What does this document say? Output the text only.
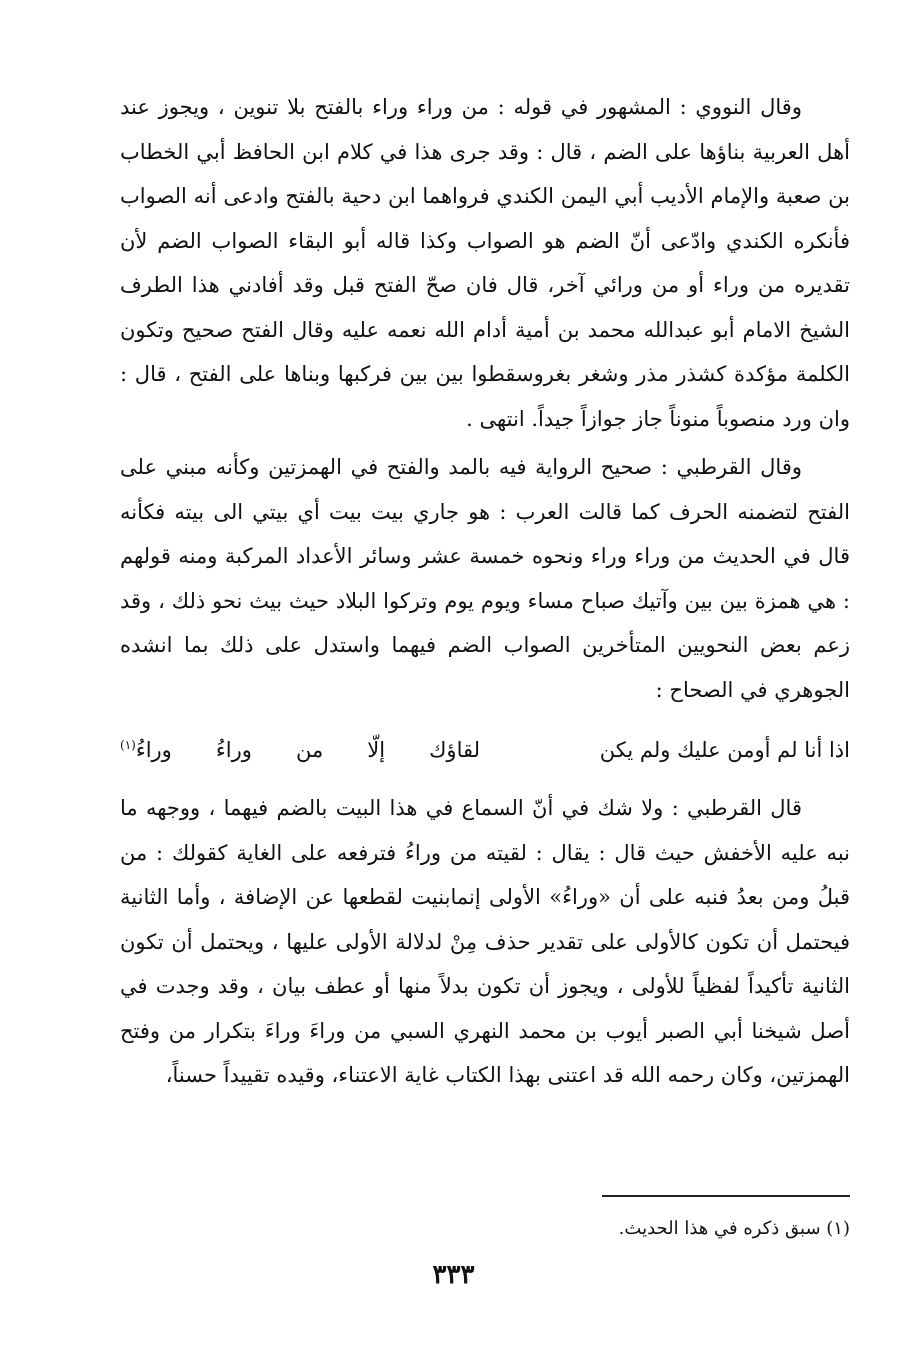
وقال النووي : المشهور في قوله : من وراء وراء بالفتح بلا تنوين ، ويجوز عند أهل العربية بناؤها على الضم ، قال : وقد جرى هذا في كلام ابن الحافظ أبي الخطاب بن صعبة والإمام الأديب أبي اليمن الكندي فرواهما ابن دحية بالفتح وادعى أنه الصواب فأنكره الكندي وادّعى أنّ الضم هو الصواب وكذا قاله أبو البقاء الصواب الضم لأن تقديره من وراء أو من ورائي آخر، قال فان صحّ الفتح قبل وقد أفادني هذا الطرف الشيخ الامام أبو عبدالله محمد بن أمية أدام الله نعمه عليه وقال الفتح صحيح وتكون الكلمة مؤكدة كشذر مذر وشغر بغروسقطوا بين بين فركبها وبناها على الفتح ، قال : وان ورد منصوباً منوناً جاز جوازاً جيداً. انتهى .

وقال القرطبي : صحيح الرواية فيه بالمد والفتح في الهمزتين وكأنه مبني على الفتح لتضمنه الحرف كما قالت العرب : هو جاري بيت بيت أي بيتي الى بيته فكأنه قال في الحديث من وراء وراء ونحوه خمسة عشر وسائر الأعداد المركبة ومنه قولهم : هي همزة بين بين وآتيك صباح مساء ويوم يوم وتركوا البلاد حيث بيث نحو ذلك ، وقد زعم بعض النحويين المتأخرين الصواب الضم فيهما واستدل على ذلك بما انشده الجوهري في الصحاح :

اذا أنا لم أومن عليك ولم يكن
لقاؤك
إلّا
من
وراءُ
وراءُ$^{(١)}$

قال القرطبي : ولا شك في أنّ السماع في هذا البيت بالضم فيهما ، ووجهه ما نبه عليه الأخفش حيث قال : يقال : لقيته من وراءُ فترفعه على الغاية كقولك : من قبلُ ومن بعدُ فنبه على أن «وراءُ» الأولى إنمابنيت لقطعها عن الإضافة ، وأما الثانية فيحتمل أن تكون كالأولى على تقدير حذف مِنْ لدلالة الأولى عليها ، ويحتمل أن تكون الثانية تأكيداً لفظياً للأولى ، ويجوز أن تكون بدلاً منها أو عطف بيان ، وقد وجدت في أصل شيخنا أبي الصبر أيوب بن محمد النهري السبي من وراءَ وراءَ بتكرار من وفتح الهمزتين، وكان رحمه الله قد اعتنى بهذا الكتاب غاية الاعتناء، وقيده تقييداً حسناً،

(١) سبق ذكره في هذا الحديث.
٣٣٣
